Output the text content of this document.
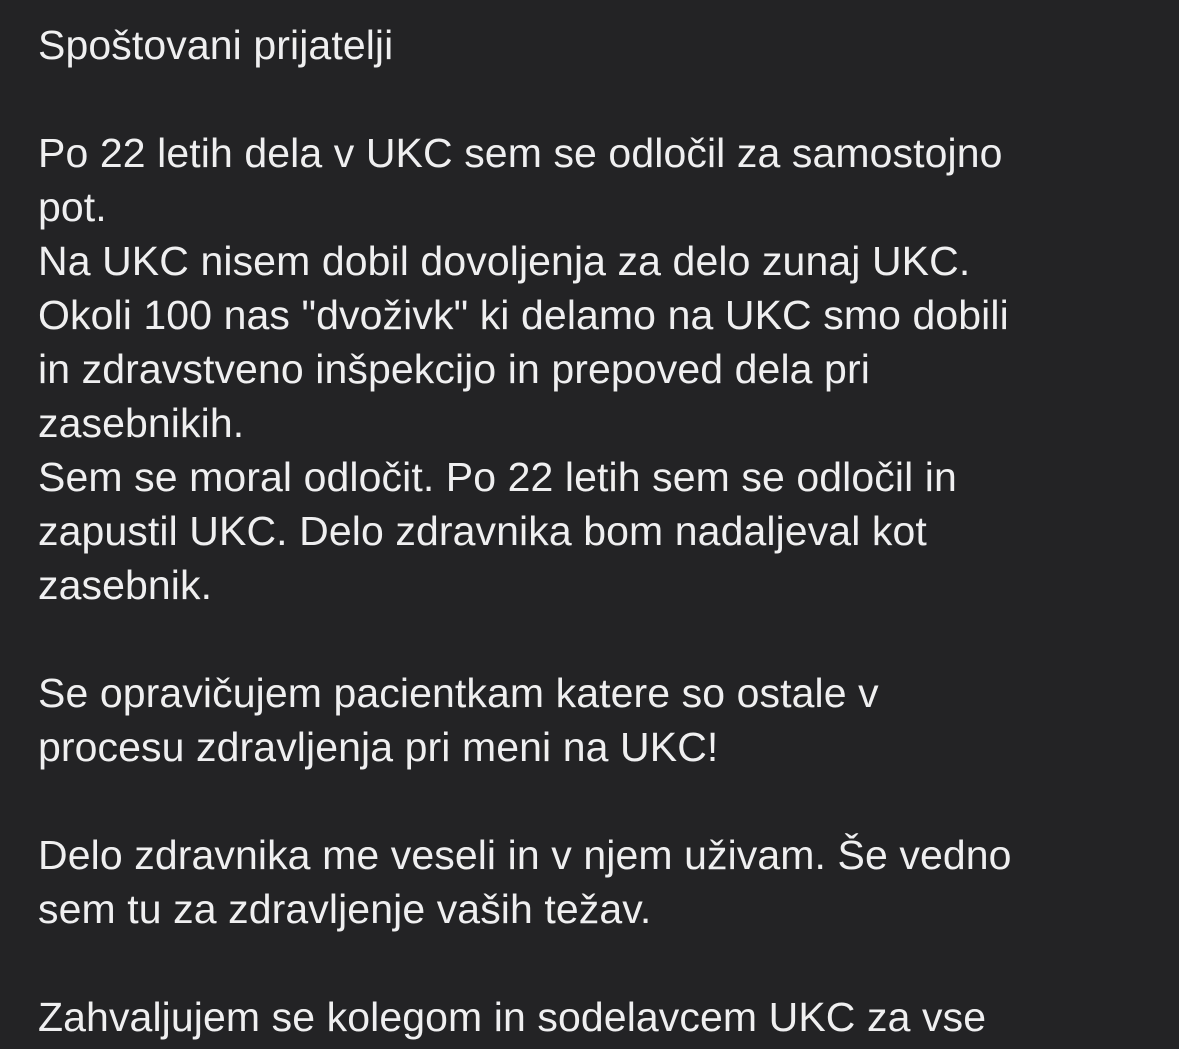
Spoštovani prijatelji

Po 22 letih dela v UKC sem se odločil za samostojno

pot.

Na UKC nisem dobil dovoljenja za delo zunaj UKC.

Okoli 100 nas "dvoživk" ki delamo na UKC smo dobili

in zdravstveno inšpekcijo in prepoved dela pri

zasebnikih.

Sem se moral odločit. Po 22 letih sem se odločil in

zapustil UKC. Delo zdravnika bom nadaljeval kot

zasebnik.

Se opravičujem pacientkam katere so ostale v

procesu zdravljenja pri meni na UKC!

Delo zdravnika me veseli in v njem uživam. Še vedno

sem tu za zdravljenje vaših težav.

Zahvaljujem se kolegom in sodelavcem UKC za vse
